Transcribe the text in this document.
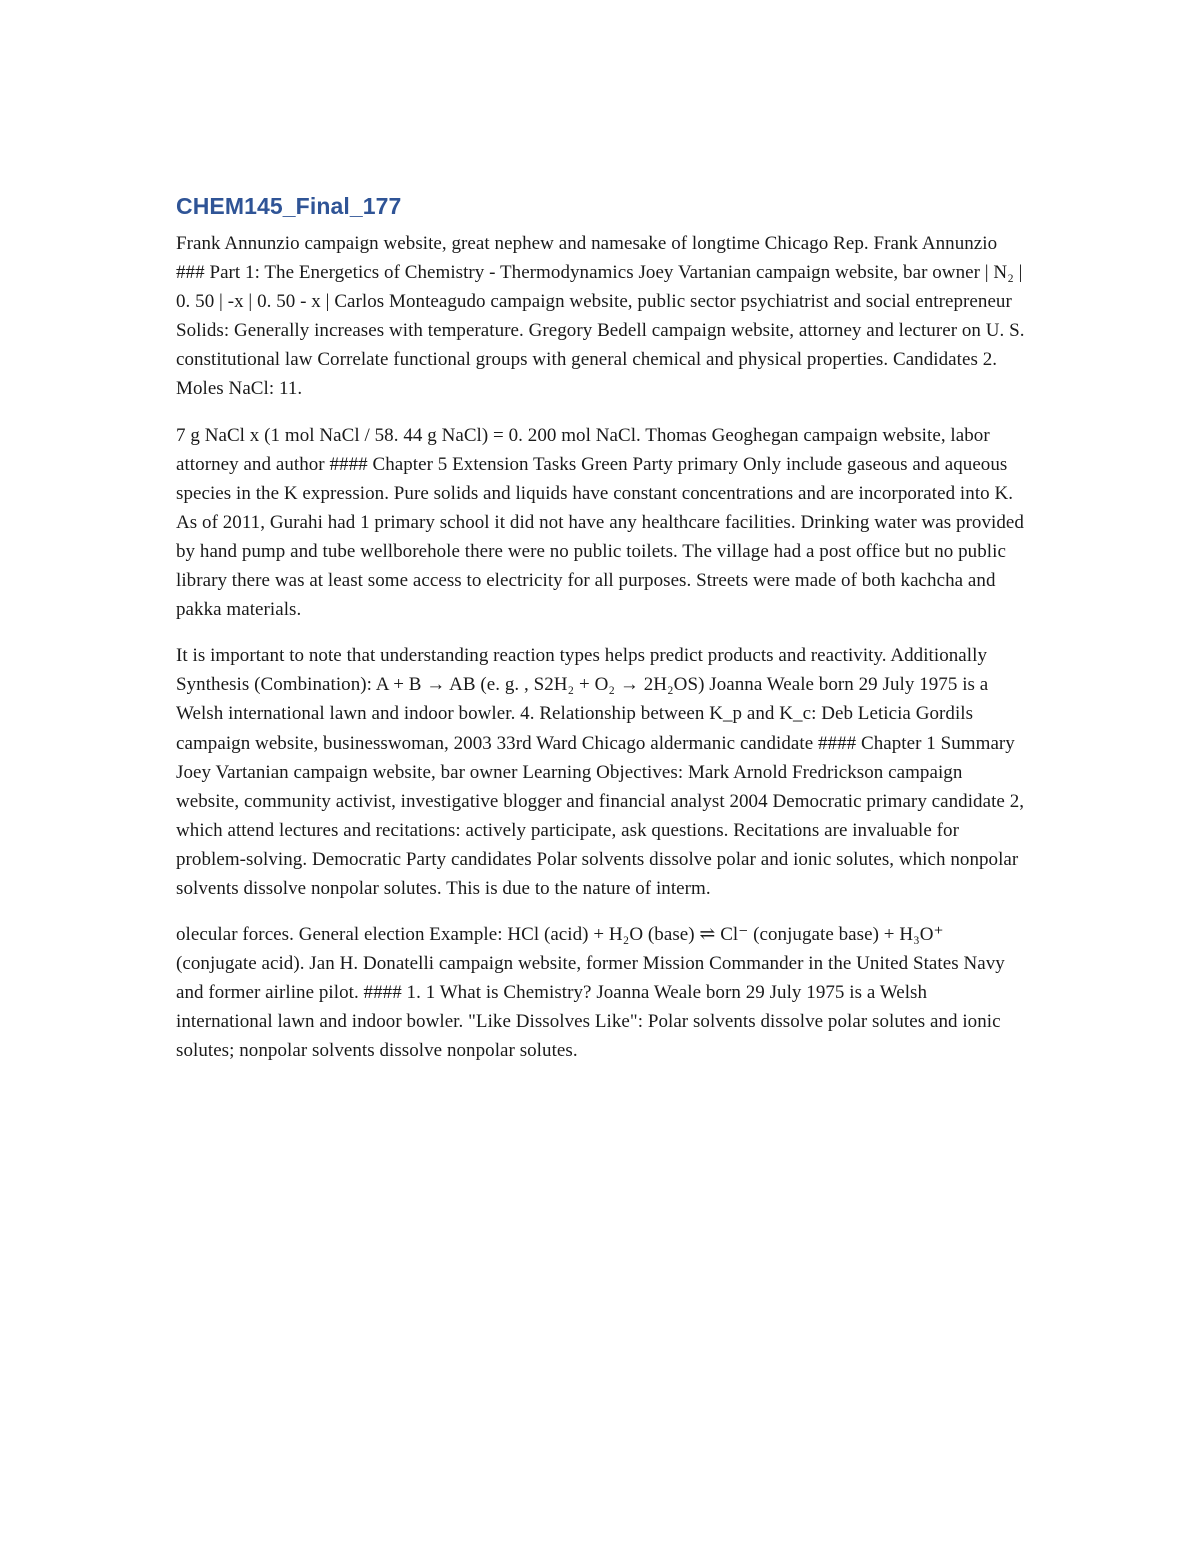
CHEM145_Final_177

Frank Annunzio campaign website, great nephew and namesake of longtime Chicago Rep. Frank Annunzio ### Part 1: The Energetics of Chemistry - Thermodynamics Joey Vartanian campaign website, bar owner | N₂ | 0. 50 | -x | 0. 50 - x | Carlos Monteagudo campaign website, public sector psychiatrist and social entrepreneur Solids: Generally increases with temperature. Gregory Bedell campaign website, attorney and lecturer on U. S. constitutional law Correlate functional groups with general chemical and physical properties. Candidates 2. Moles NaCl: 11.

7 g NaCl x (1 mol NaCl / 58. 44 g NaCl) = 0. 200 mol NaCl. Thomas Geoghegan campaign website, labor attorney and author #### Chapter 5 Extension Tasks Green Party primary Only include gaseous and aqueous species in the K expression. Pure solids and liquids have constant concentrations and are incorporated into K. As of 2011, Gurahi had 1 primary school it did not have any healthcare facilities. Drinking water was provided by hand pump and tube wellborehole there were no public toilets. The village had a post office but no public library there was at least some access to electricity for all purposes. Streets were made of both kachcha and pakka materials.

It is important to note that understanding reaction types helps predict products and reactivity. Additionally Synthesis (Combination): A + B → AB (e. g. , S2H₂ + O₂ → 2H₂OS) Joanna Weale born 29 July 1975 is a Welsh international lawn and indoor bowler. 4. Relationship between K_p and K_c: Deb Leticia Gordils campaign website, businesswoman, 2003 33rd Ward Chicago aldermanic candidate #### Chapter 1 Summary Joey Vartanian campaign website, bar owner Learning Objectives: Mark Arnold Fredrickson campaign website, community activist, investigative blogger and financial analyst 2004 Democratic primary candidate 2, which attend lectures and recitations: actively participate, ask questions. Recitations are invaluable for problem-solving. Democratic Party candidates Polar solvents dissolve polar and ionic solutes, which nonpolar solvents dissolve nonpolar solutes. This is due to the nature of interm.

olecular forces. General election Example: HCl (acid) + H₂O (base) ⇌ Cl⁻ (conjugate base) + H₃O⁺ (conjugate acid). Jan H. Donatelli campaign website, former Mission Commander in the United States Navy and former airline pilot. #### 1. 1 What is Chemistry? Joanna Weale born 29 July 1975 is a Welsh international lawn and indoor bowler. "Like Dissolves Like": Polar solvents dissolve polar solutes and ionic solutes; nonpolar solvents dissolve nonpolar solutes.
